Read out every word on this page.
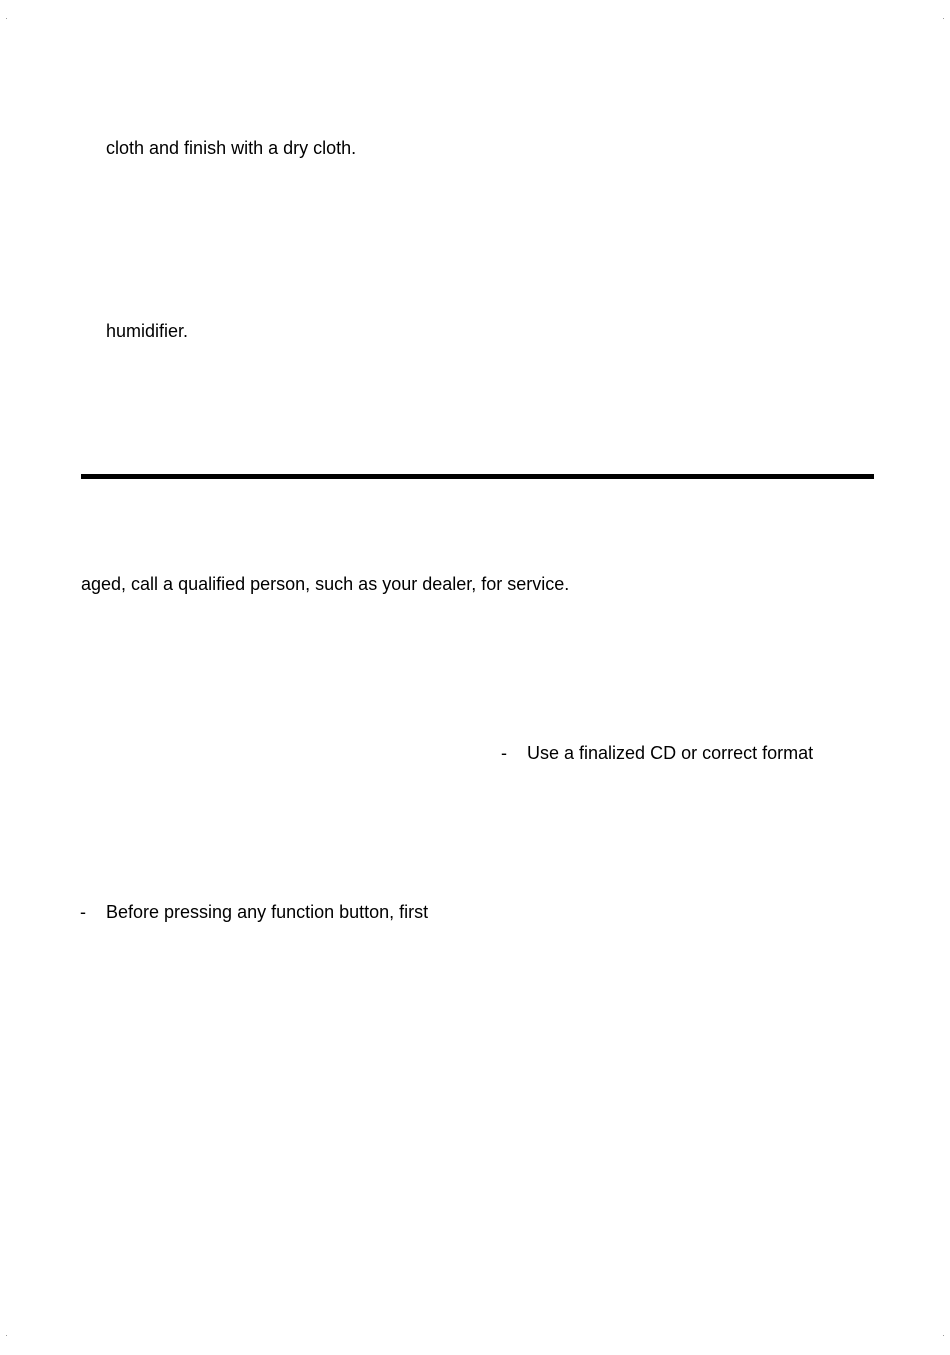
cloth and finish with a dry cloth.

humidifier.

aged, call a qualified person, such as your dealer, for service.

- Use a finalized CD or correct format

- Before pressing any function button, first
